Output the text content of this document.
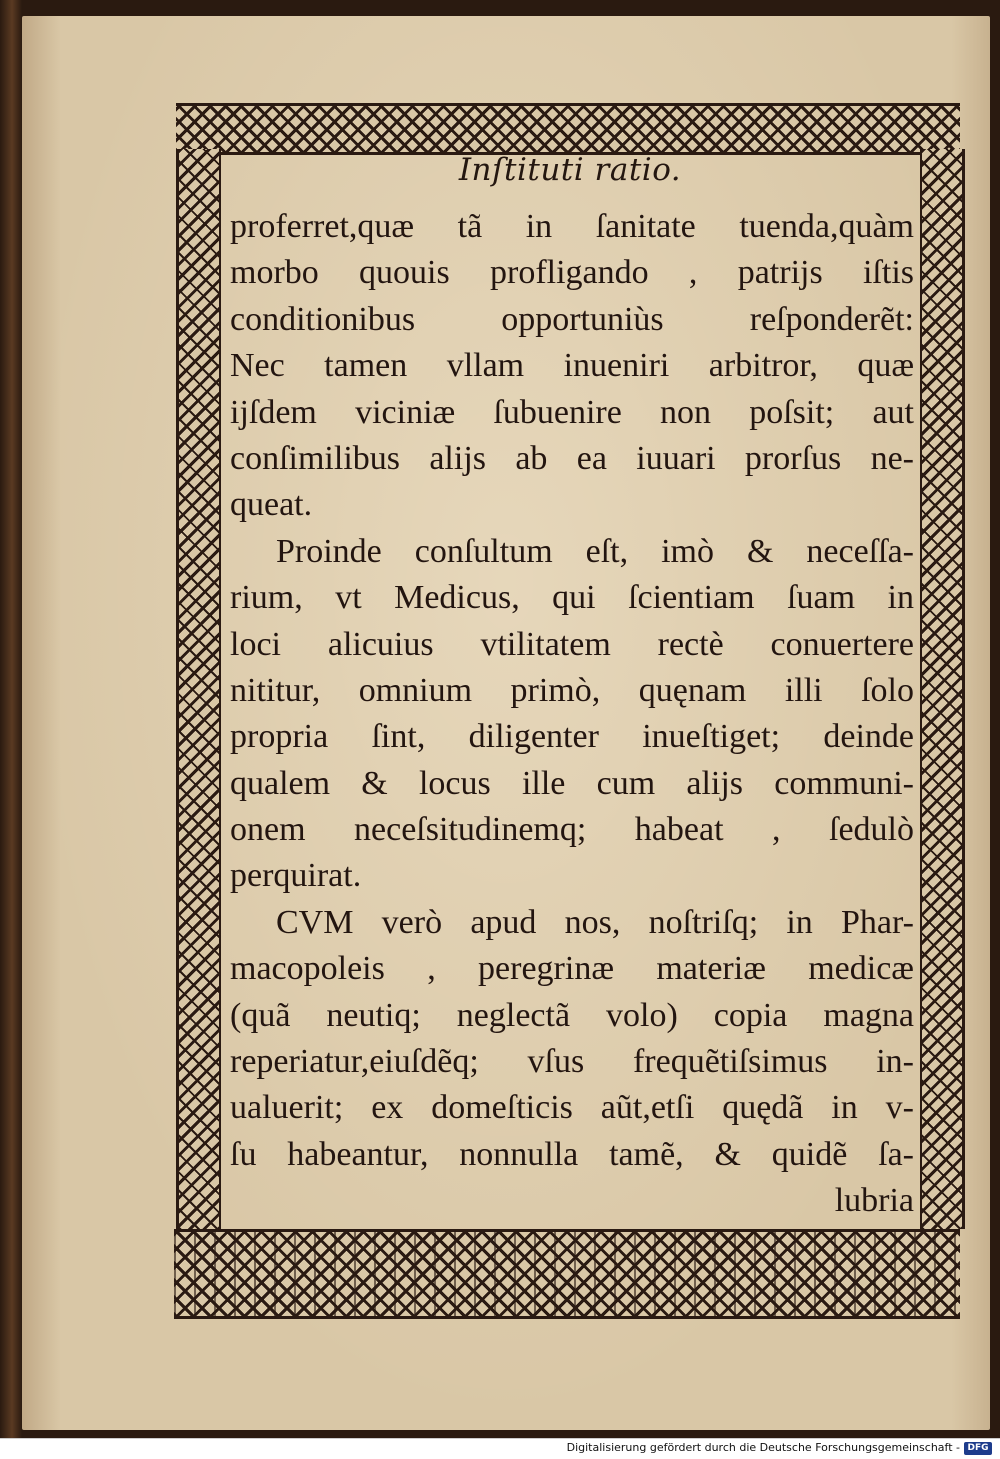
Inſtituti ratio.
proferret,quæ tã in ſanitate tuenda,quàm
morbo quouis profligando , patrijs iſtis
conditionibus opportuniùs reſponderẽt:
Nec tamen vllam inueniri arbitror, quæ
ijſdem viciniæ ſubuenire non poſsit; aut
conſimilibus alijs ab ea iuuari prorſus ne-
queat.
Proinde conſultum eſt, imò & neceſſa-
rium, vt Medicus, qui ſcientiam ſuam in
loci alicuius vtilitatem rectè conuertere
nititur, omnium primò, quęnam illi ſolo
propria ſint, diligenter inueſtiget; deinde
qualem & locus ille cum alijs communi-
onem neceſsitudinemq; habeat , ſedulò
perquirat.
CVM verò apud nos, noſtriſq; in Phar-
macopoleis , peregrinæ materiæ medicæ
(quã neutiq; neglectã volo) copia magna
reperiatur,eiuſdẽq; vſus frequẽtiſsimus in-
ualuerit; ex domeſticis aũt,etſi quędã in v-
ſu habeantur, nonnulla tamẽ, & quidẽ ſa-
lubria
Digitalisierung gefördert durch die Deutsche Forschungsgemeinschaft - DFG
